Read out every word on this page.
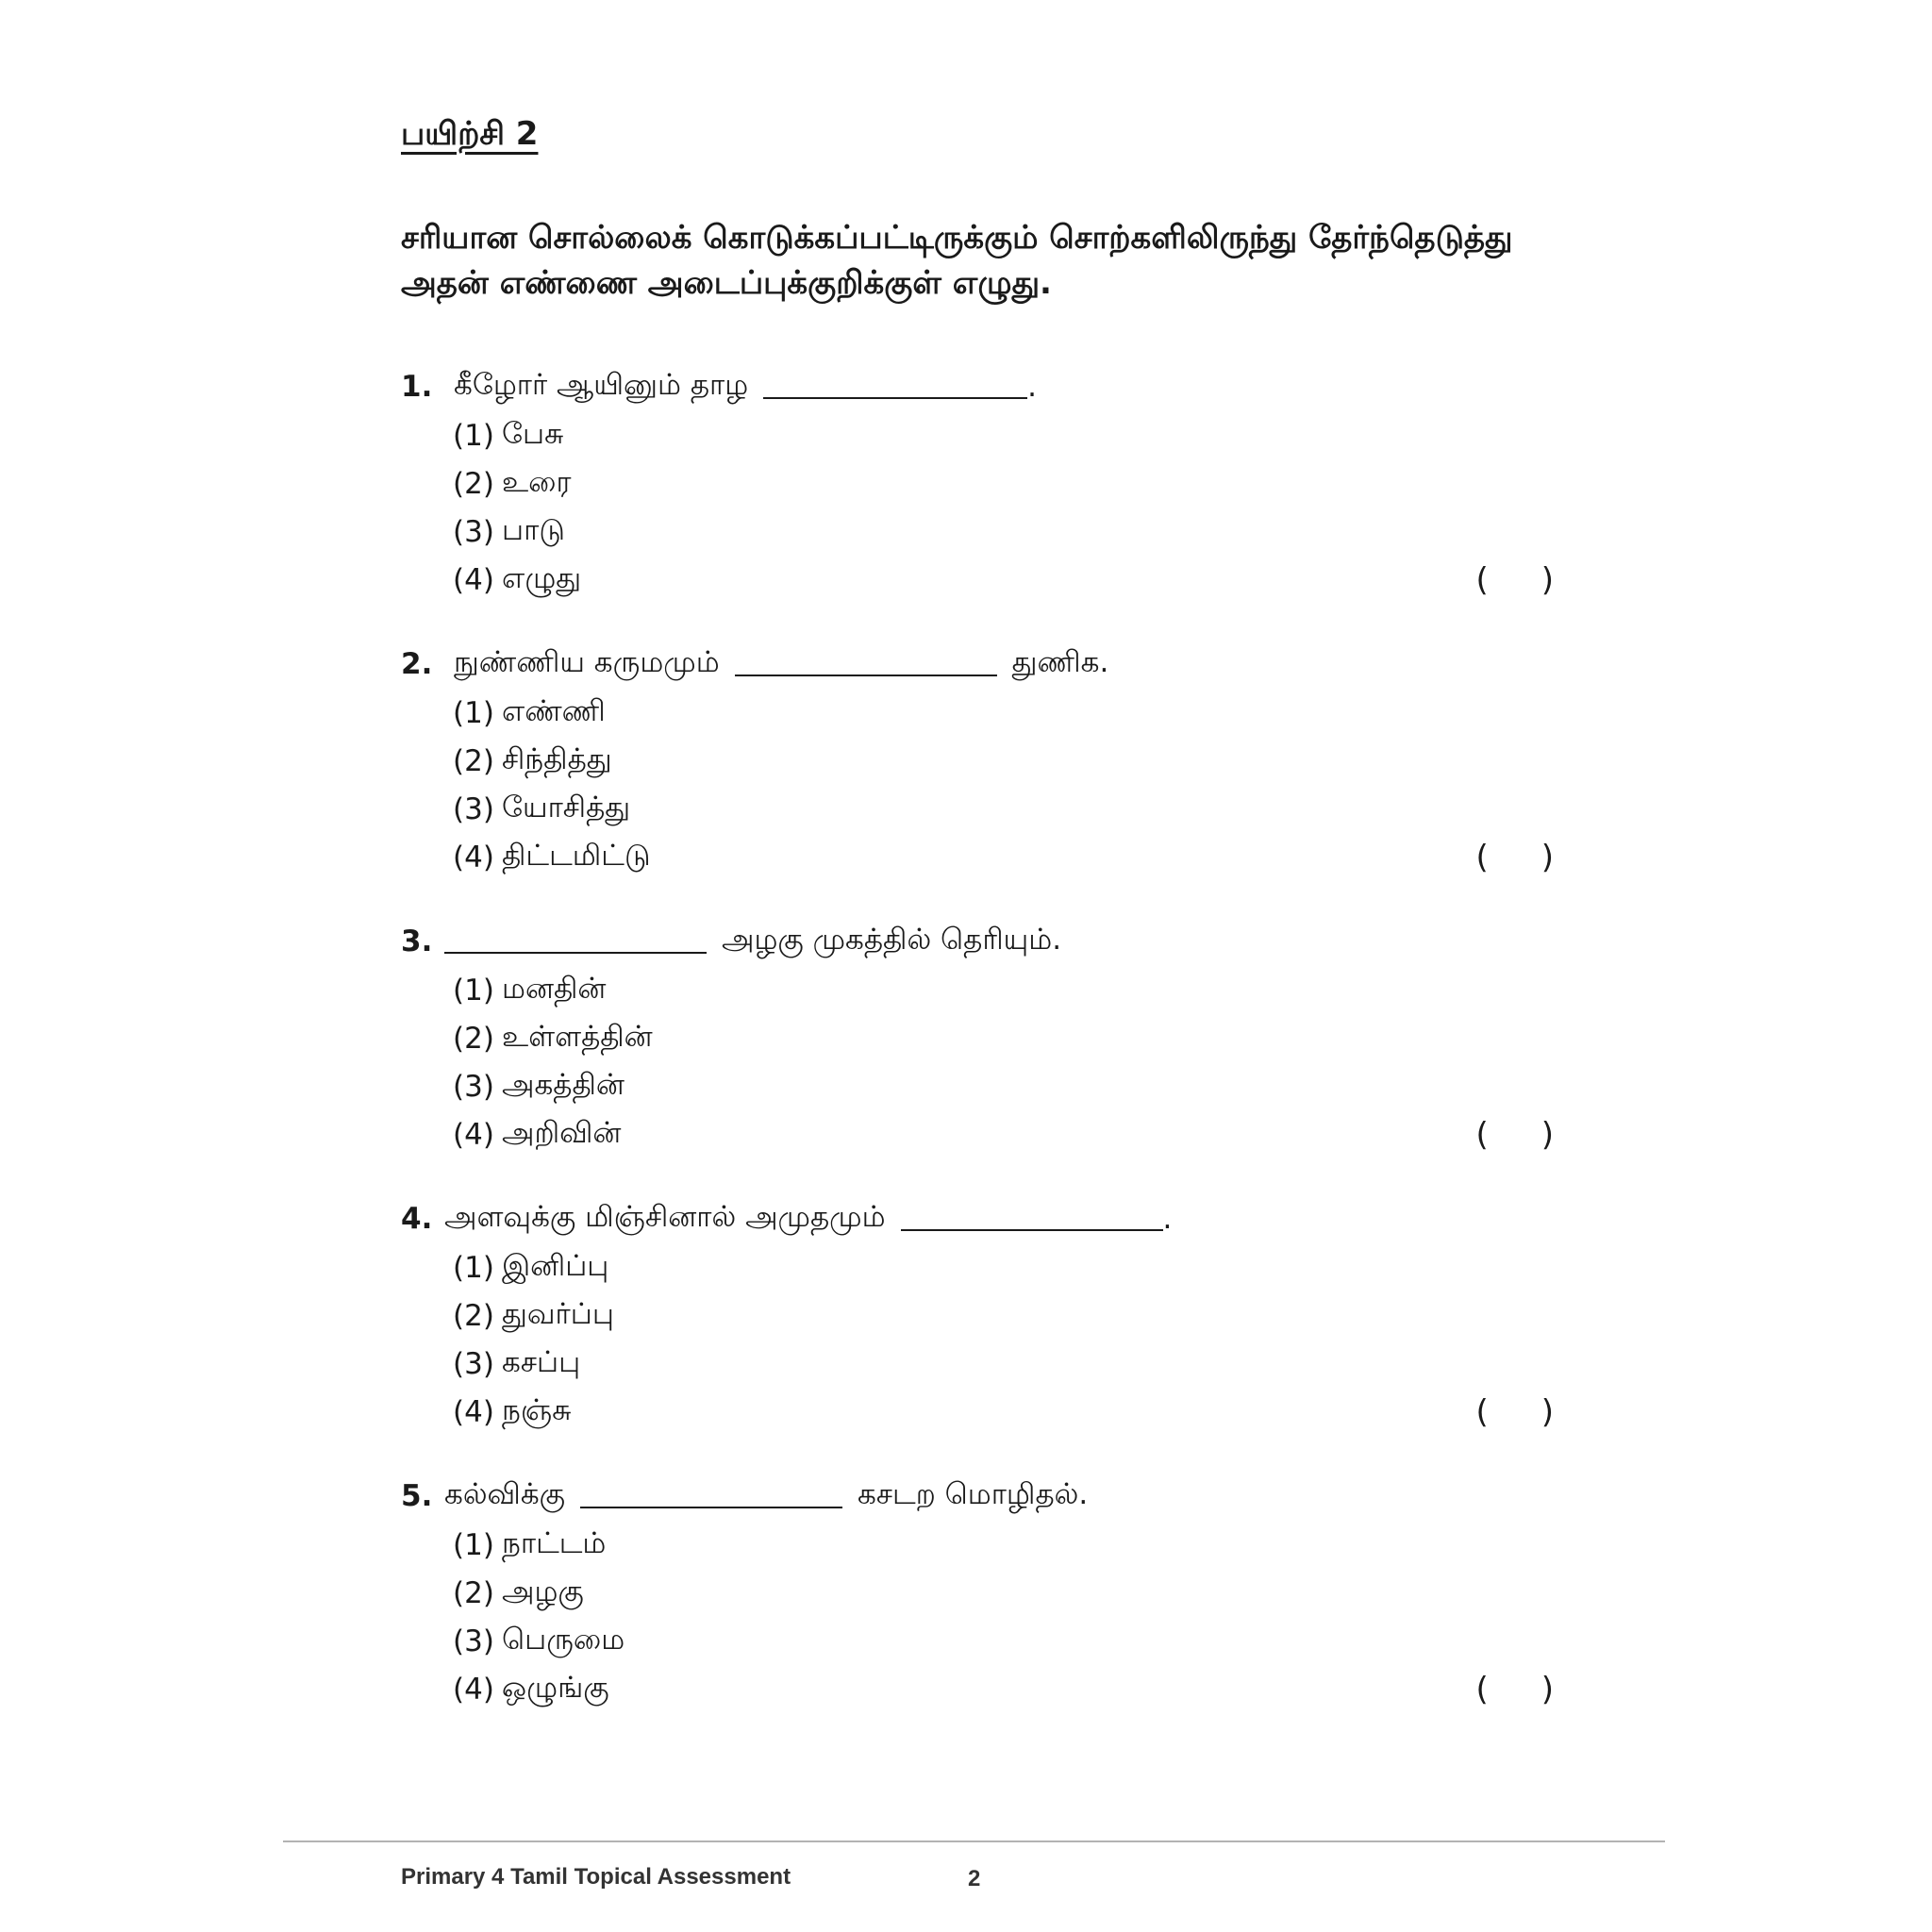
பயிற்சி 2
சரியான சொல்லைக் கொடுக்கப்பட்டிருக்கும் சொற்களிலிருந்து தேர்ந்தெடுத்து
அதன் எண்ணை அடைப்புக்குறிக்குள் எழுது.
1. கீழோர் ஆயினும் தாழ	.
(1) பேசு
(2) உரை
(3) பாடு
(4) எழுது	( )
2. நுண்ணிய கருமமும்	துணிக.
(1) எண்ணி
(2) சிந்தித்து
(3) யோசித்து
(4) திட்டமிட்டு	( )
3.	அழகு முகத்தில் தெரியும்.
(1) மனதின்
(2) உள்ளத்தின்
(3) அகத்தின்
(4) அறிவின்	( )
4. அளவுக்கு மிஞ்சினால் அமுதமும்	.
(1) இனிப்பு
(2) துவர்ப்பு
(3) கசப்பு
(4) நஞ்சு	( )
5. கல்விக்கு	கசடற மொழிதல்.
(1) நாட்டம்
(2) அழகு
(3) பெருமை
(4) ஒழுங்கு	( )
Primary 4 Tamil Topical Assessment	2
